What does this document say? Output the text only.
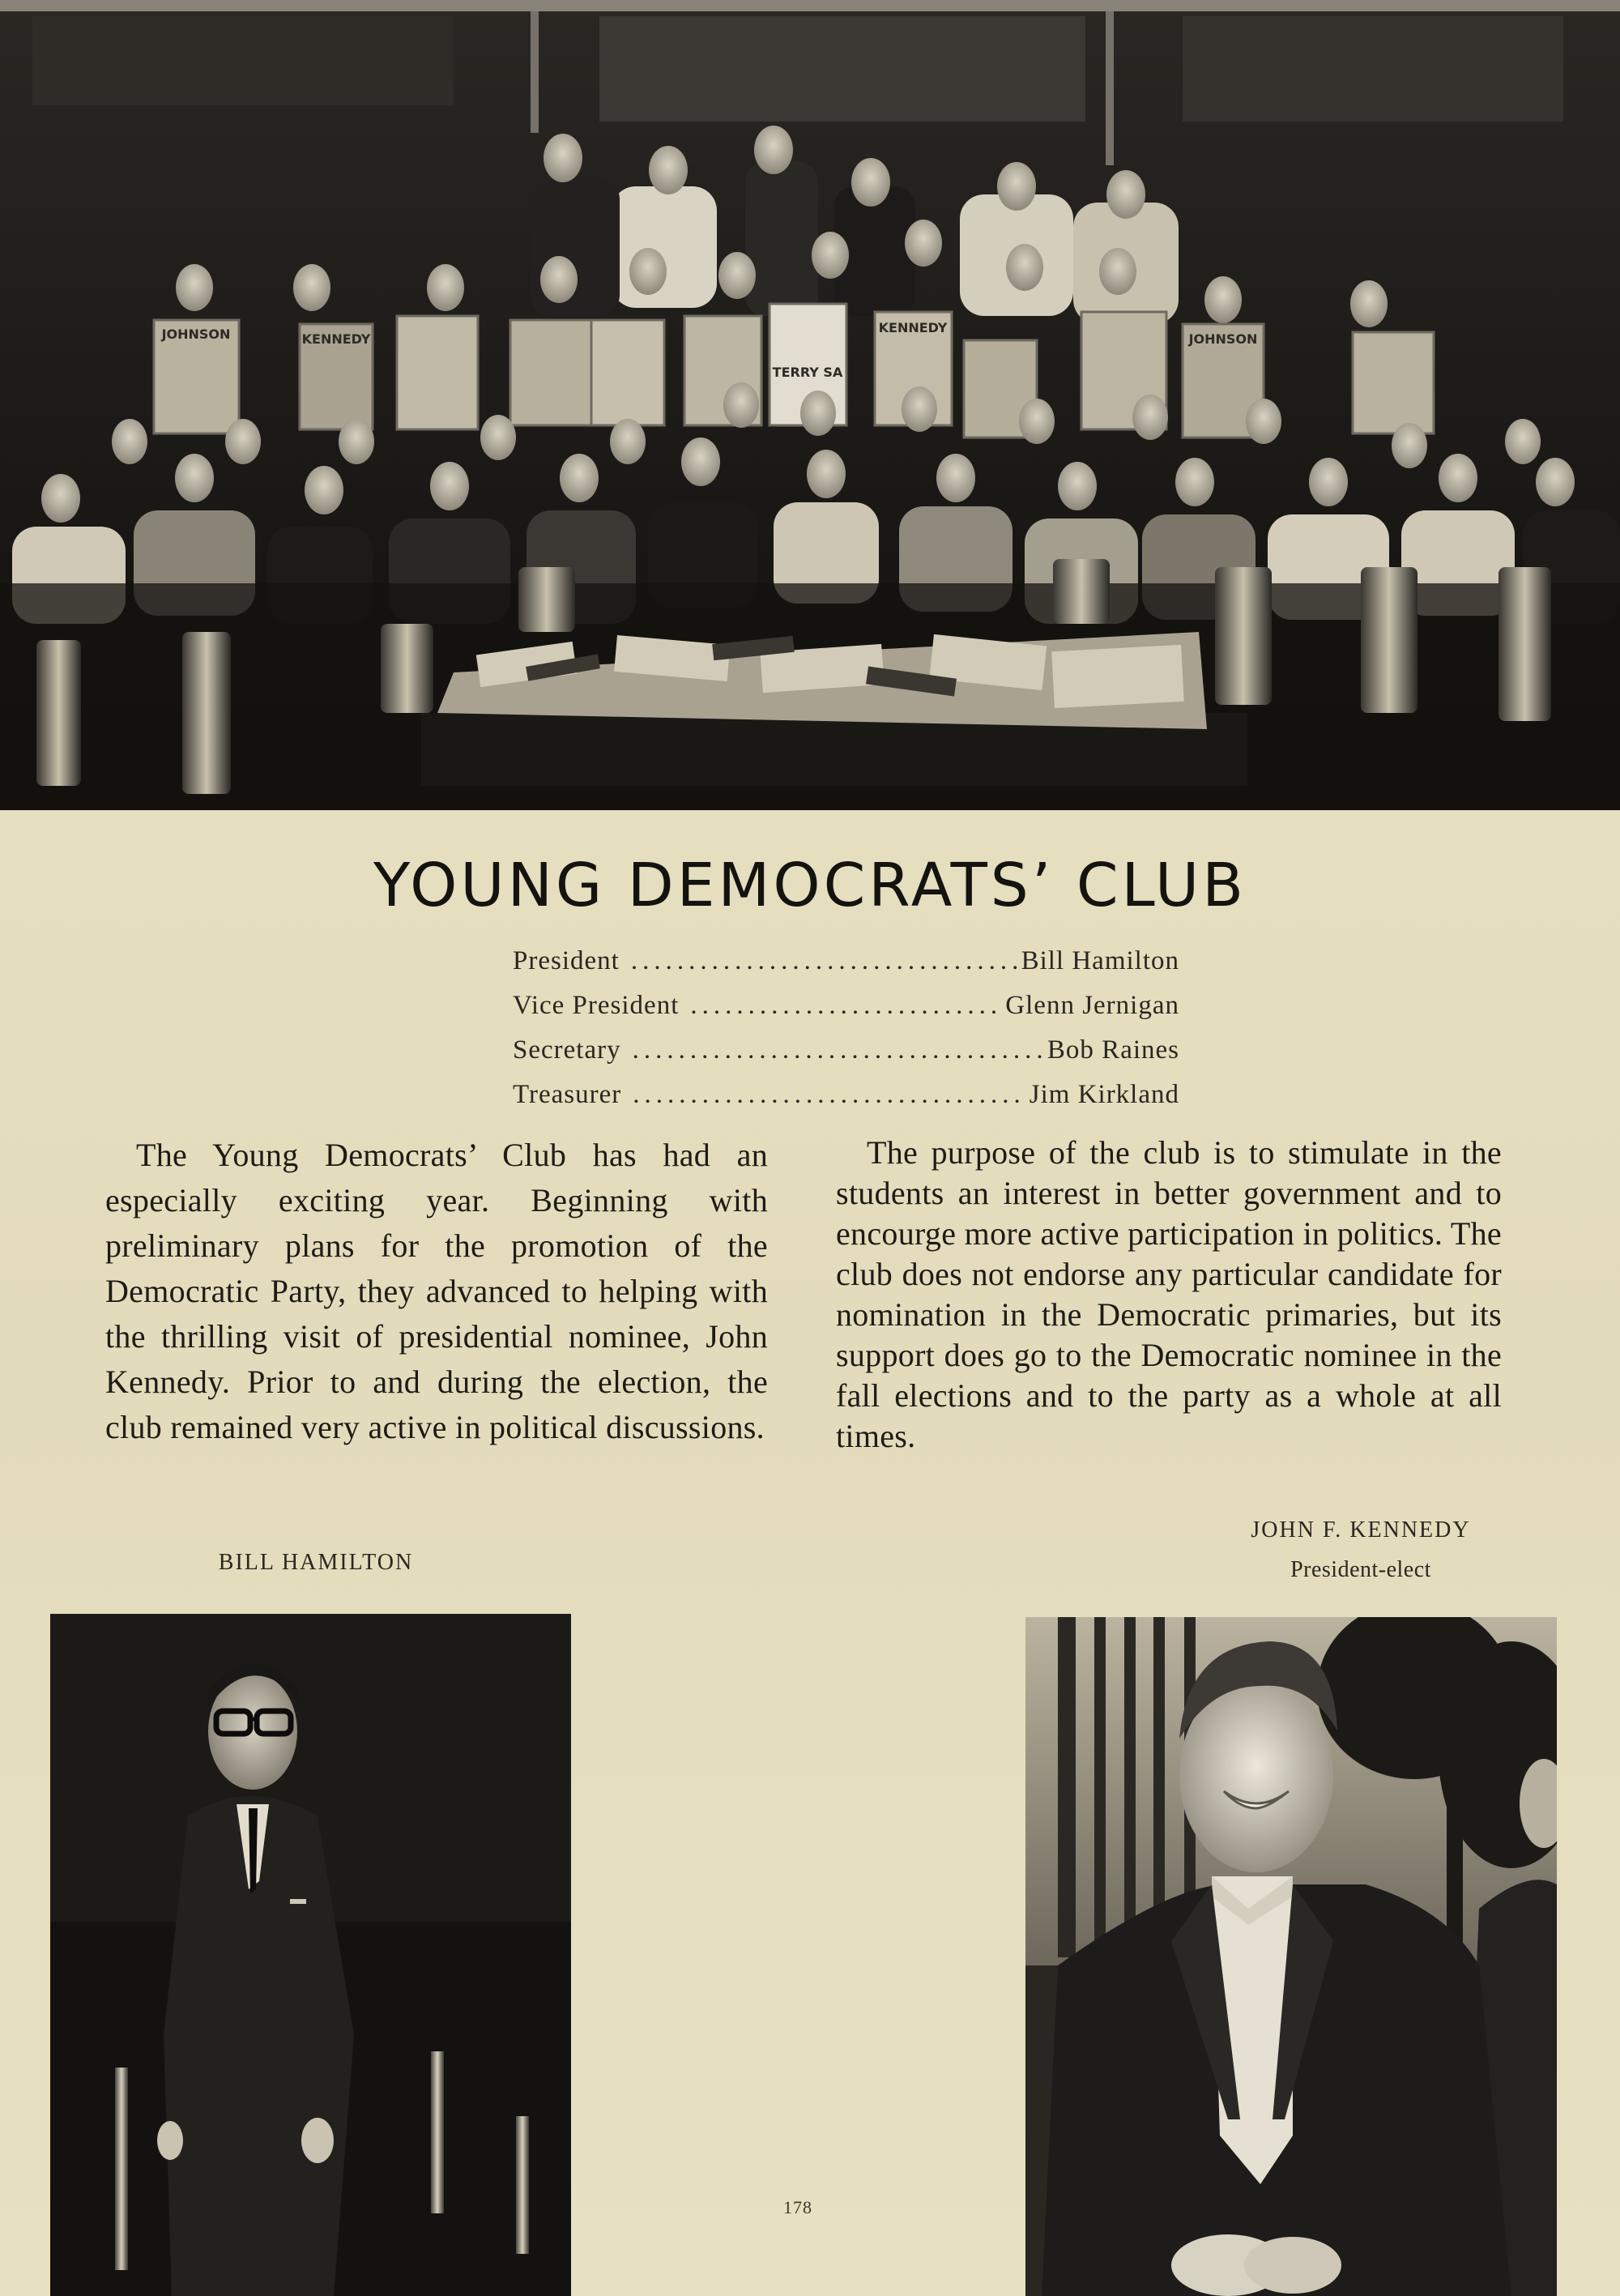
JOHNSON	KENNEDY
TERRY SA
KENNEDY
JOHNSON
YOUNG DEMOCRATS’ CLUB
President .....	Bill Hamilton
Vice President .....	Glenn Jernigan
Secretary .....	Bob Raines
Treasurer .....	Jim Kirkland

The Young Democrats’ Club has had an especially exciting year. Beginning with preliminary plans for the promotion of the Democratic Party, they advanced to helping with the thrilling visit of presidential nominee, John Kennedy. Prior to and during the election, the club remained very active in political discussions.

The purpose of the club is to stimulate in the students an interest in better government and to encourge more active participation in politics. The club does not endorse any particular candidate for nomination in the Democratic primaries, but its support does go to the Democratic nominee in the fall elections and to the party as a whole at all times.

BILL HAMILTON
JOHN F. KENNEDY
President-elect
178
